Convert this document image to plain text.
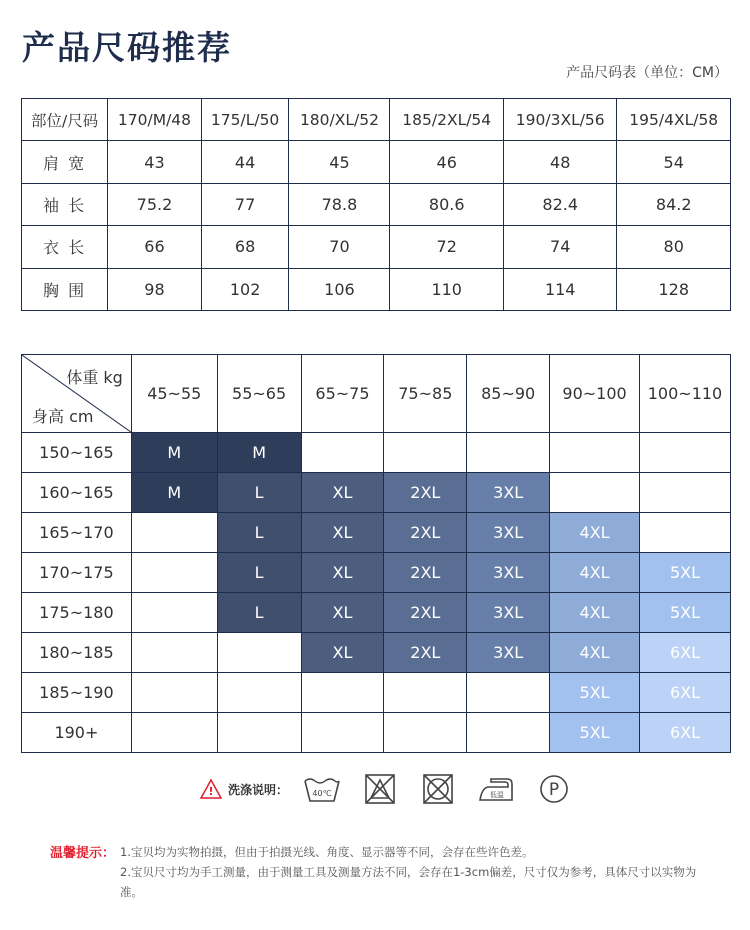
产品尺码推荐
产品尺码表（单位：CM）
部位/尺码	170/M/48	175/L/50	180/XL/52	185/2XL/54	190/3XL/56	195/4XL/58
肩 宽	43	44	45	46	48	54
袖 长	75.2	77	78.8	80.6	82.4	84.2
衣 长	66	68	70	72	74	80
胸 围	98	102	106	110	114	128
体重 kg
身高 cm	45~55	55~65	65~75	75~85	85~90	90~100	100~110
150~165	M	M					
160~165	M	L	XL	2XL	3XL		
165~170		L	XL	2XL	3XL	4XL	
170~175		L	XL	2XL	3XL	4XL	5XL
175~180		L	XL	2XL	3XL	4XL	5XL
180~185			XL	2XL	3XL	4XL	6XL
185~190						5XL	6XL
190+						5XL	6XL
! 洗涤说明：	40℃	低温	P
温馨提示： 1.宝贝均为实物拍摄，但由于拍摄光线、角度、显示器等不同，会存在些许色差。
2.宝贝尺寸均为手工测量，由于测量工具及测量方法不同，会存在1-3cm偏差，尺寸仅为参考，具体尺寸以实物为
准。
